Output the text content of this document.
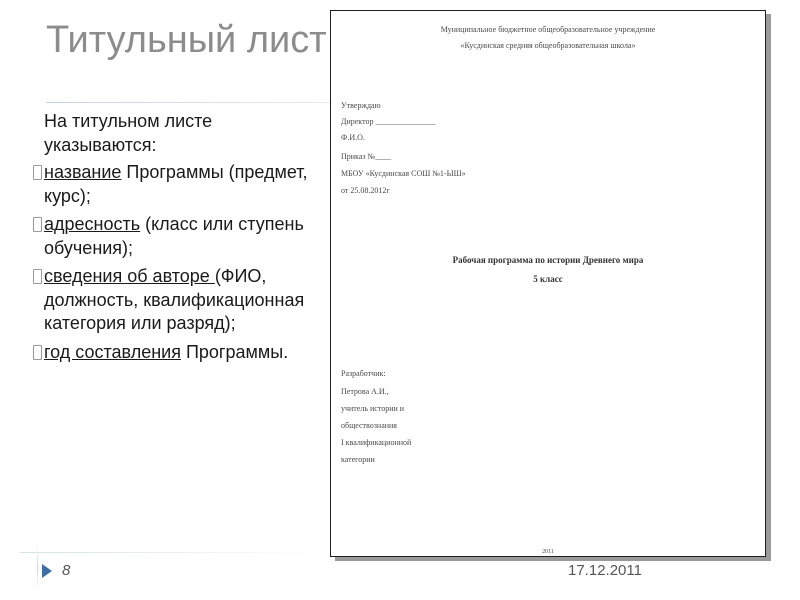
Титульный лист
На титульном листе указываются:
название Программы (предмет, курс);
адресность (класс или ступень обучения);
сведения об авторе (ФИО, должность, квалификационная категория или разряд);
год составления Программы.
Муниципальное бюджетное общеобразовательное учреждение
«Кусдинская средняя общеобразовательная школа»
Утверждаю
Директор _______________
Ф.И.О.
Приказ №____
МБОУ «Кусдинская СОШ №1-ЫШ»
от 25.08.2012г
Рабочая программа по истории Древнего мира
5 класс
Разработчик:
Петрова А.И.,
учитель истории и
обществознания
I квалификационной
категории
2011
8	17.12.2011
